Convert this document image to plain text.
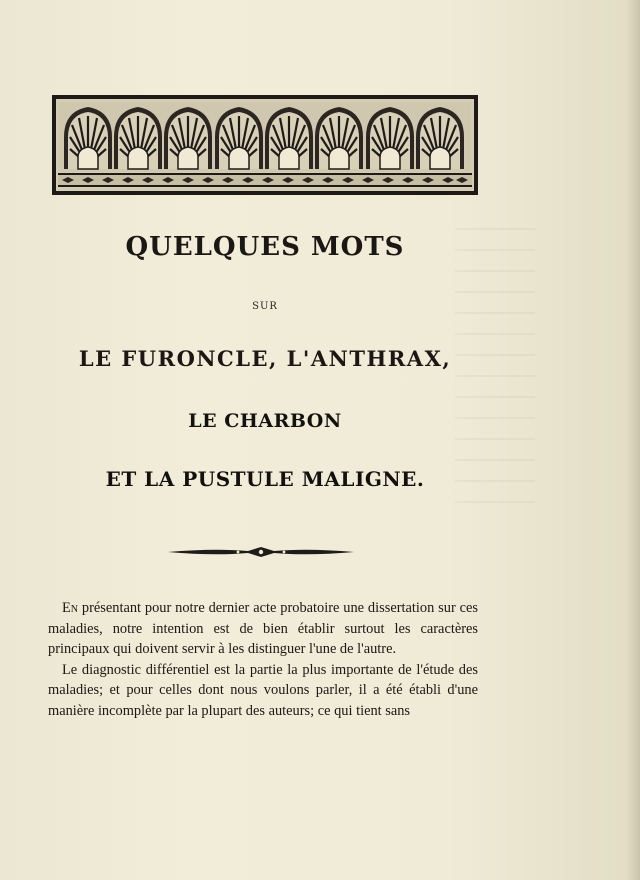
QUELQUES MOTS
SUR
LE FURONCLE, L'ANTHRAX,
LE CHARBON
ET LA PUSTULE MALIGNE.

En présentant pour notre dernier acte probatoire une dissertation sur ces maladies, notre intention est de bien établir surtout les caractères principaux qui doivent servir à les distinguer l'une de l'autre.

Le diagnostic différentiel est la partie la plus importante de l'étude des maladies; et pour celles dont nous voulons parler, il a été établi d'une manière incomplète par la plupart des auteurs; ce qui tient sans
